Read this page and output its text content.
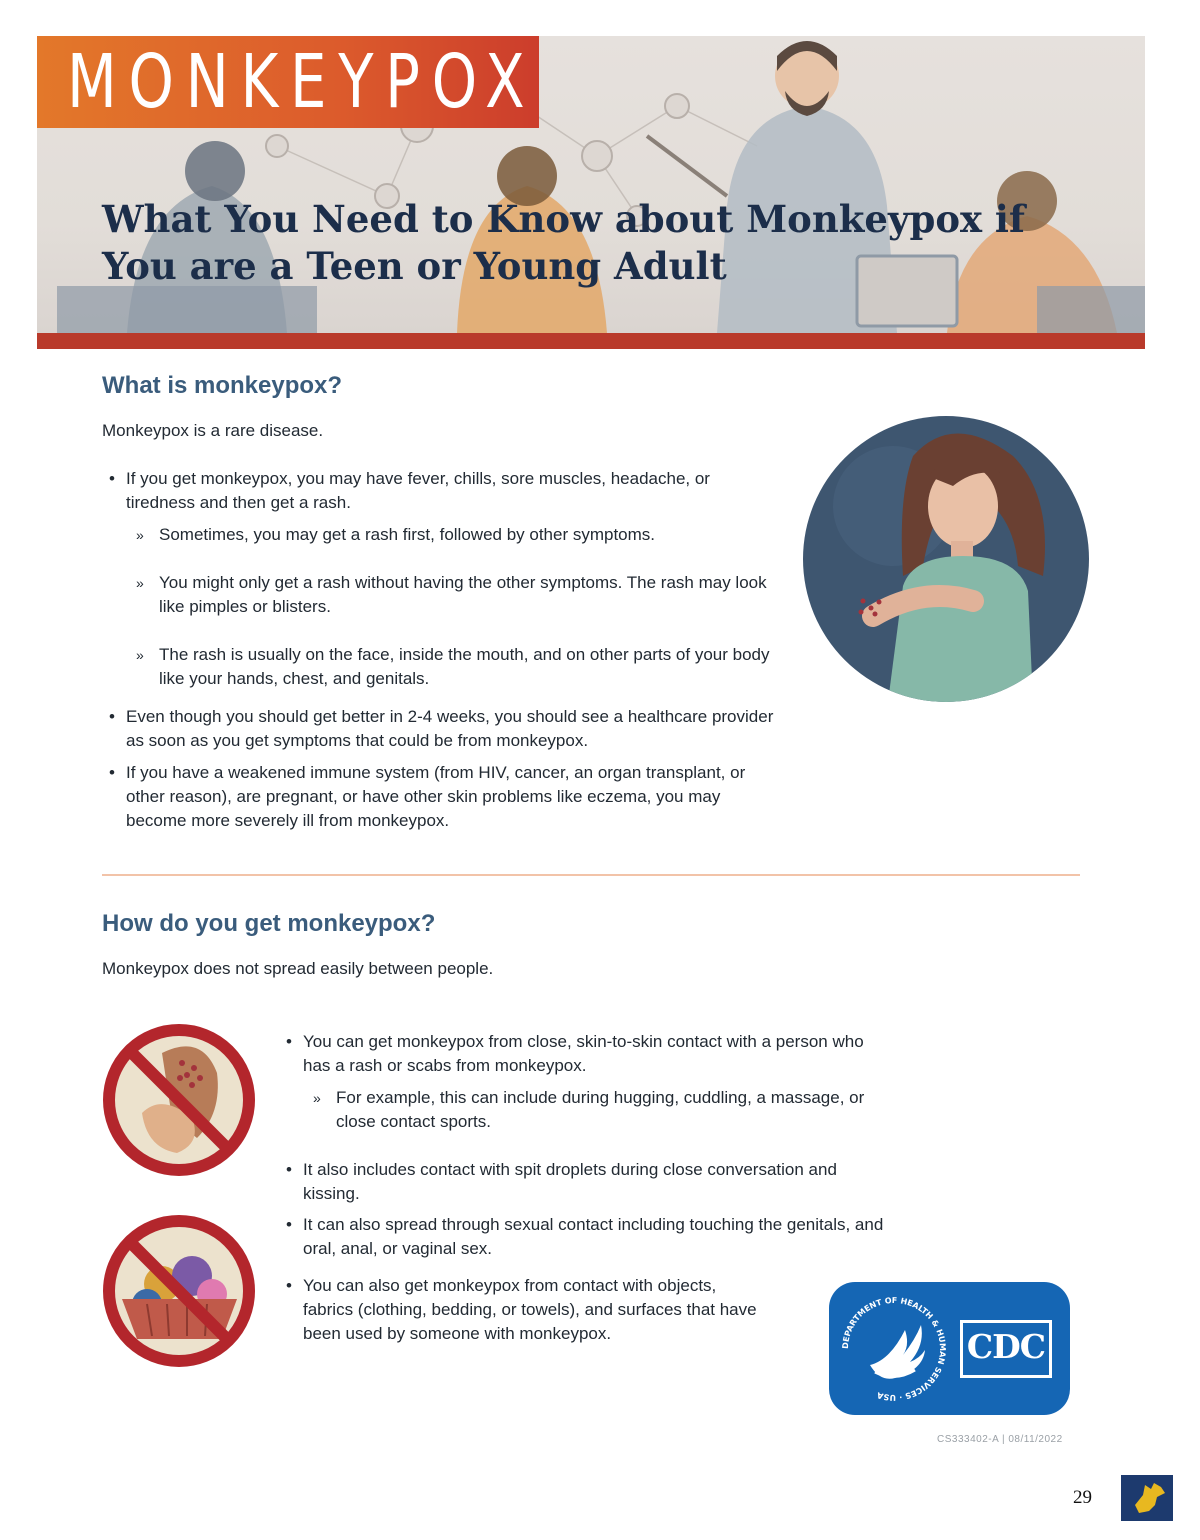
MONKEYPOX
What You Need to Know about Monkeypox if
You are a Teen or Young Adult
What is monkeypox?
Monkeypox is a rare disease.
• If you get monkeypox, you may have fever, chills, sore muscles, headache, or tiredness and then get a rash.
» Sometimes, you may get a rash first, followed by other symptoms.
» You might only get a rash without having the other symptoms. The rash may look like pimples or blisters.
» The rash is usually on the face, inside the mouth, and on other parts of your body like your hands, chest, and genitals.
• Even though you should get better in 2-4 weeks, you should see a healthcare provider as soon as you get symptoms that could be from monkeypox.
• If you have a weakened immune system (from HIV, cancer, an organ transplant, or other reason), are pregnant, or have other skin problems like eczema, you may become more severely ill from monkeypox.
How do you get monkeypox?
Monkeypox does not spread easily between people.
• You can get monkeypox from close, skin-to-skin contact with a person who has a rash or scabs from monkeypox.
» For example, this can include during hugging, cuddling, a massage, or close contact sports.
• It also includes contact with spit droplets during close conversation and kissing.
• It can also spread through sexual contact including touching the genitals, and oral, anal, or vaginal sex.
• You can also get monkeypox from contact with objects, fabrics (clothing, bedding, or towels), and surfaces that have been used by someone with monkeypox.
DEPARTMENT OF HEALTH & HUMAN SERVICES · USA
CDC
CS333402-A | 08/11/2022
29
